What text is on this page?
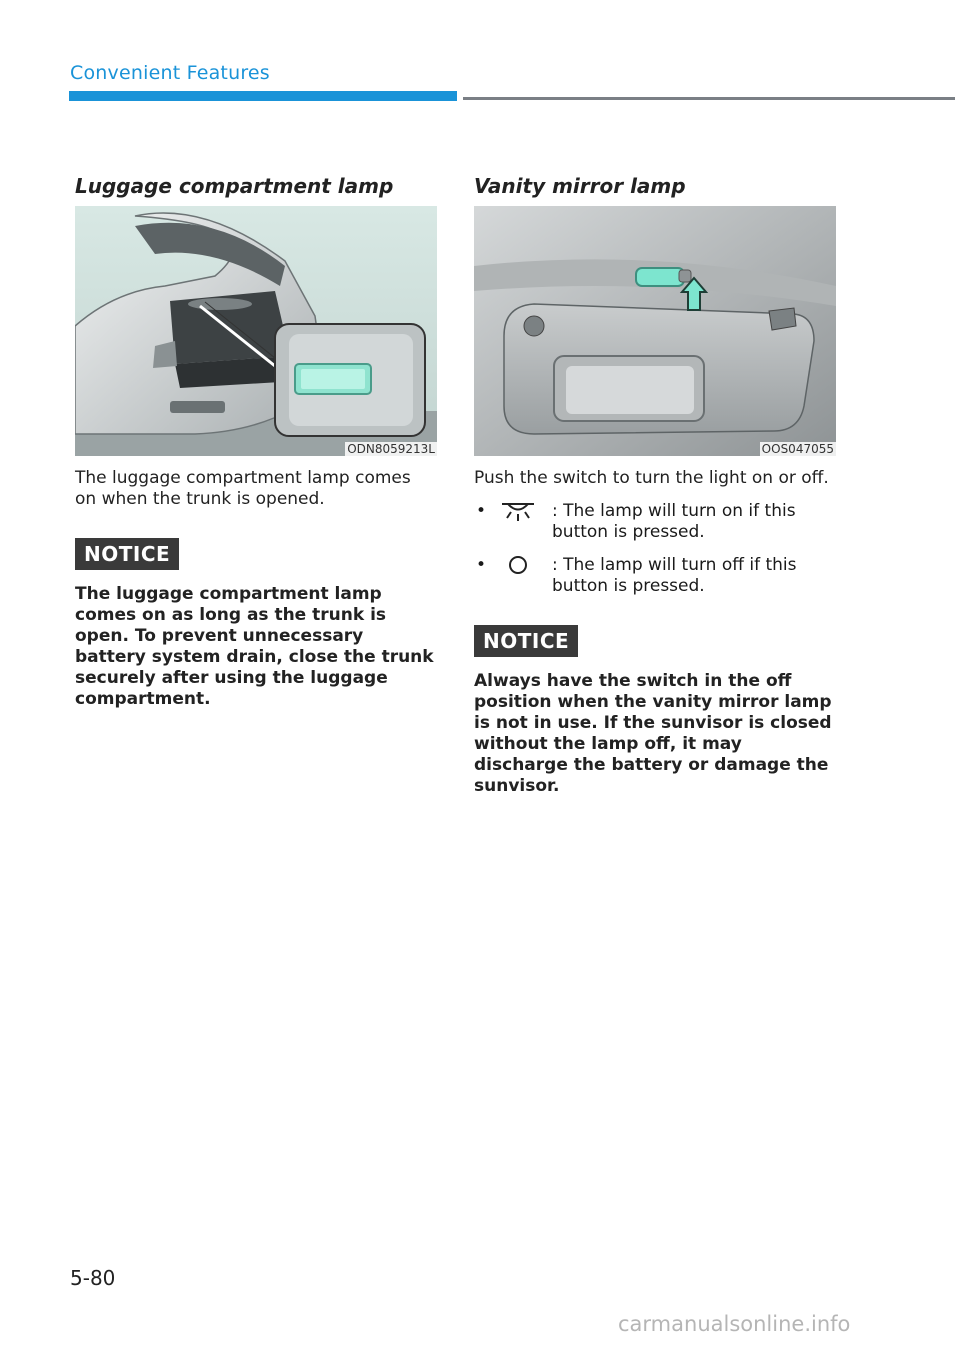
Convenient Features
Luggage compartment lamp
ODN8059213L

The luggage compartment lamp comes on when the trunk is opened.

NOTICE

The luggage compartment lamp comes on as long as the trunk is open. To prevent unnecessary battery system drain, close the trunk securely after using the luggage compartment.

Vanity mirror lamp
OOS047055

Push the switch to turn the light on or off.

•	: The lamp will turn on if this button is pressed.
•	: The lamp will turn off if this button is pressed.
NOTICE

Always have the switch in the off position when the vanity mirror lamp is not in use. If the sunvisor is closed without the lamp off, it may discharge the battery or damage the sunvisor.

5-80
carmanualsonline.info
